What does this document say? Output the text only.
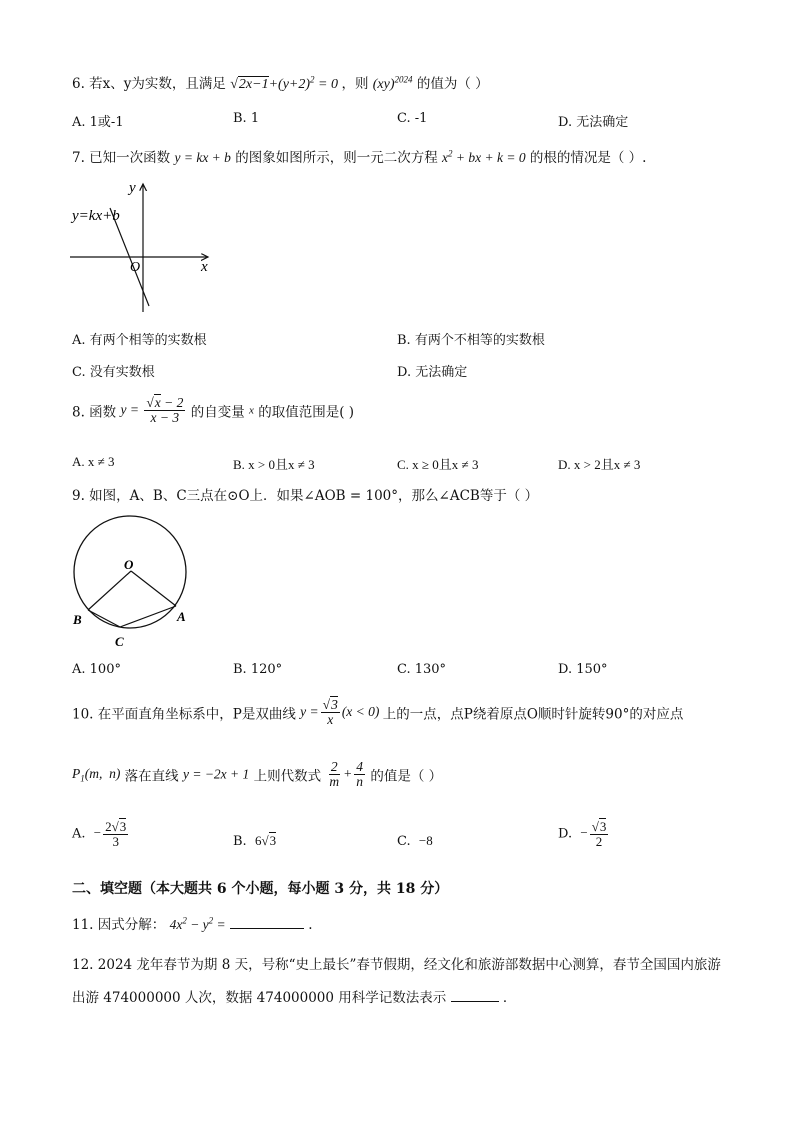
6. 若x、y为实数，且满足 $√2x-1+(y+2)^2 = 0$ ，则 (xy)$^{2024}$ 的值为（ ）
A. 1或-1	B. 1	C. -1	D. 无法确定
7. 已知一次函数 y = kx + b 的图象如图所示，则一元二次方程 $x^2$ + bx + k = 0 的根的情况是（ ）.
y
x
O
y=kx+b
A. 有两个相等的实数根	B. 有两个不相等的实数根
C. 没有实数根	D. 无法确定
8. 函数 $y = \frac{√x - 2}{x - 3}$ 的自变量 x 的取值范围是( )
A. x ≠ 3	B. x > 0且x ≠ 3	C. x ≥ 0且x ≠ 3	D. x > 2且x ≠ 3
9. 如图，A、B、C三点在⊙O上．如果∠AOB = 100°，那么∠ACB等于（ ）
O
A
B
C
A. 100°	B. 120°	C. 130°	D. 150°
10. 在平面直角坐标系中，P是双曲线 $y = \frac{√3}{x} (x < 0)$ 上的一点，点P绕着原点O顺时针旋转90°的对应点
$P_1(m$,  n) 落在直线 y = −2x + 1 上则代数式 $\frac{2}{m} + \frac{4}{n}$ 的值是（ ）
A.  − $\frac{2√3}{3}$	B.  6√3	C.  −8	D.  − $\frac{√3}{2}$
二、填空题（本大题共 6 个小题，每小题 3 分，共 18 分）
11. 因式分解： $4x^2 - y^2$ =	.
12. 2024 龙年春节为期 8 天，号称“史上最长”春节假期，经文化和旅游部数据中心测算，春节全国国内旅游
出游 474000000 人次，数据 474000000 用科学记数法表示	．
